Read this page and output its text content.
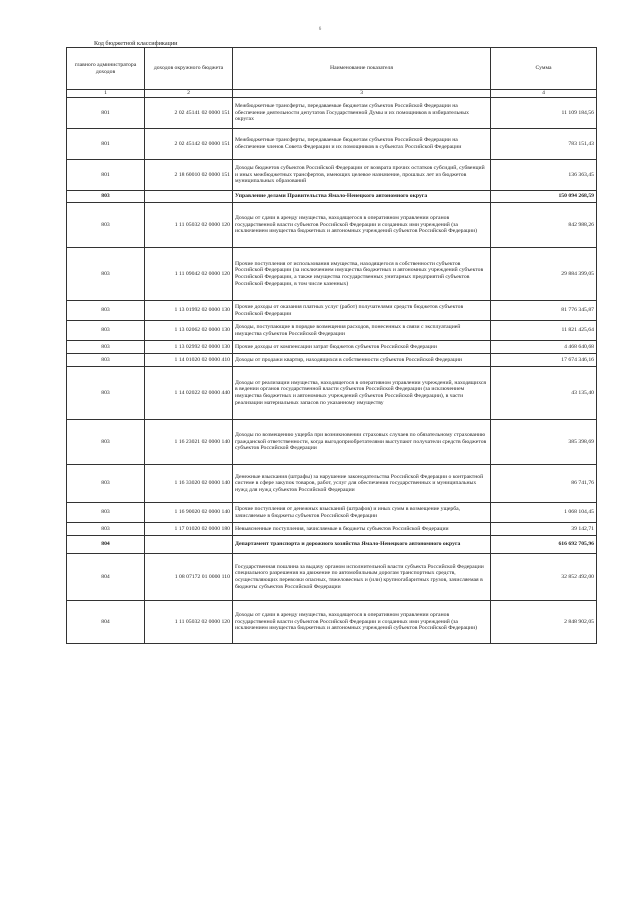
6
Код бюджетной классификации
главного администратора доходов	доходов окружного бюджета	Наименование показателя	Сумма
1	2	3	4
801	2 02 45141 02 0000 151	Межбюджетные трансферты, передаваемые бюджетам субъектов Российской Федерации на обеспечение деятельности депутатов Государственной Думы и их помощников в избирательных округах	11 109 184,56
801	2 02 45142 02 0000 151	Межбюджетные трансферты, передаваемые бюджетам субъектов Российской Федерации на обеспечение членов Совета Федерации и их помощников в субъектах Российской Федерации	783 151,43
801	2 18 60010 02 0000 151	Доходы бюджетов субъектов Российской Федерации от возврата прочих остатков субсидий, субвенций и иных межбюджетных трансфертов, имеющих целевое назначение, прошлых лет из бюджетов муниципальных образований	136 363,45
803		Управление делами Правительства Ямало-Ненецкого автономного округа	150 094 268,59
803	1 11 05032 02 0000 120	Доходы от сдачи в аренду имущества, находящегося в оперативном управлении органов государственной власти субъектов Российской Федерации и созданных ими учреждений (за исключением имущества бюджетных и автономных учреждений субъектов Российской Федерации)	842 988,26
803	1 11 09042 02 0000 120	Прочие поступления от использования имущества, находящегося в собственности субъектов Российской Федерации (за исключением имущества бюджетных и автономных учреждений субъектов Российской Федерации, а также имущества государственных унитарных предприятий субъектов Российской Федерации, в том числе казенных)	29 884 399,05
803	1 13 01992 02 0000 130	Прочие доходы от оказания платных услуг (работ) получателями средств бюджетов субъектов Российской Федерации	81 776 345,87
803	1 13 02062 02 0000 130	Доходы, поступающие в порядке возмещения расходов, понесенных в связи с эксплуатацией имущества субъектов Российской Федерации	11 821 425,64
803	1 13 02992 02 0000 130	Прочие доходы от компенсации затрат бюджетов субъектов Российской Федерации	4 468 640,68
803	1 14 01020 02 0000 410	Доходы от продажи квартир, находящихся в собственности субъектов Российской Федерации	17 674 346,16
803	1 14 02022 02 0000 440	Доходы от реализации имущества, находящегося в оперативном управлении учреждений, находящихся в ведении органов государственной власти субъектов Российской Федерации (за исключением имущества бюджетных и автономных учреждений субъектов Российской Федерации), в части реализации материальных запасов по указанному имуществу	43 135,40
803	1 16 23021 02 0000 140	Доходы по возмещению ущерба при возникновении страховых случаев по обязательному страхованию гражданской ответственности, когда выгодоприобретателями выступают получатели средств бюджетов субъектов Российской Федерации	385 398,69
803	1 16 33020 02 0000 140	Денежные взыскания (штрафы) за нарушение законодательства Российской Федерации о контрактной системе в сфере закупок товаров, работ, услуг для обеспечения государственных и муниципальных нужд для нужд субъектов Российской Федерации	86 741,76
803	1 16 90020 02 0000 140	Прочие поступления от денежных взысканий (штрафов) и иных сумм в возмещение ущерба, зачисляемые в бюджеты субъектов Российской Федерации	1 068 104,45
803	1 17 01020 02 0000 180	Невыясненные поступления, зачисляемые в бюджеты субъектов Российской Федерации	39 142,71
804		Департамент транспорта и дорожного хозяйства Ямало-Ненецкого автономного округа	616 692 705,96
804	1 08 07172 01 0000 110	Государственная пошлина за выдачу органом исполнительной власти субъекта Российской Федерации специального разрешения на движение по автомобильным дорогам транспортных средств, осуществляющих перевозки опасных, тяжеловесных и (или) крупногабаритных грузов, зачисляемая в бюджеты субъектов Российской Федерации	32 852 492,00
804	1 11 05032 02 0000 120	Доходы от сдачи в аренду имущества, находящегося в оперативном управлении органов государственной власти субъектов Российской Федерации и созданных ими учреждений (за исключением имущества бюджетных и автономных учреждений субъектов Российской Федерации)	2 848 902,05
